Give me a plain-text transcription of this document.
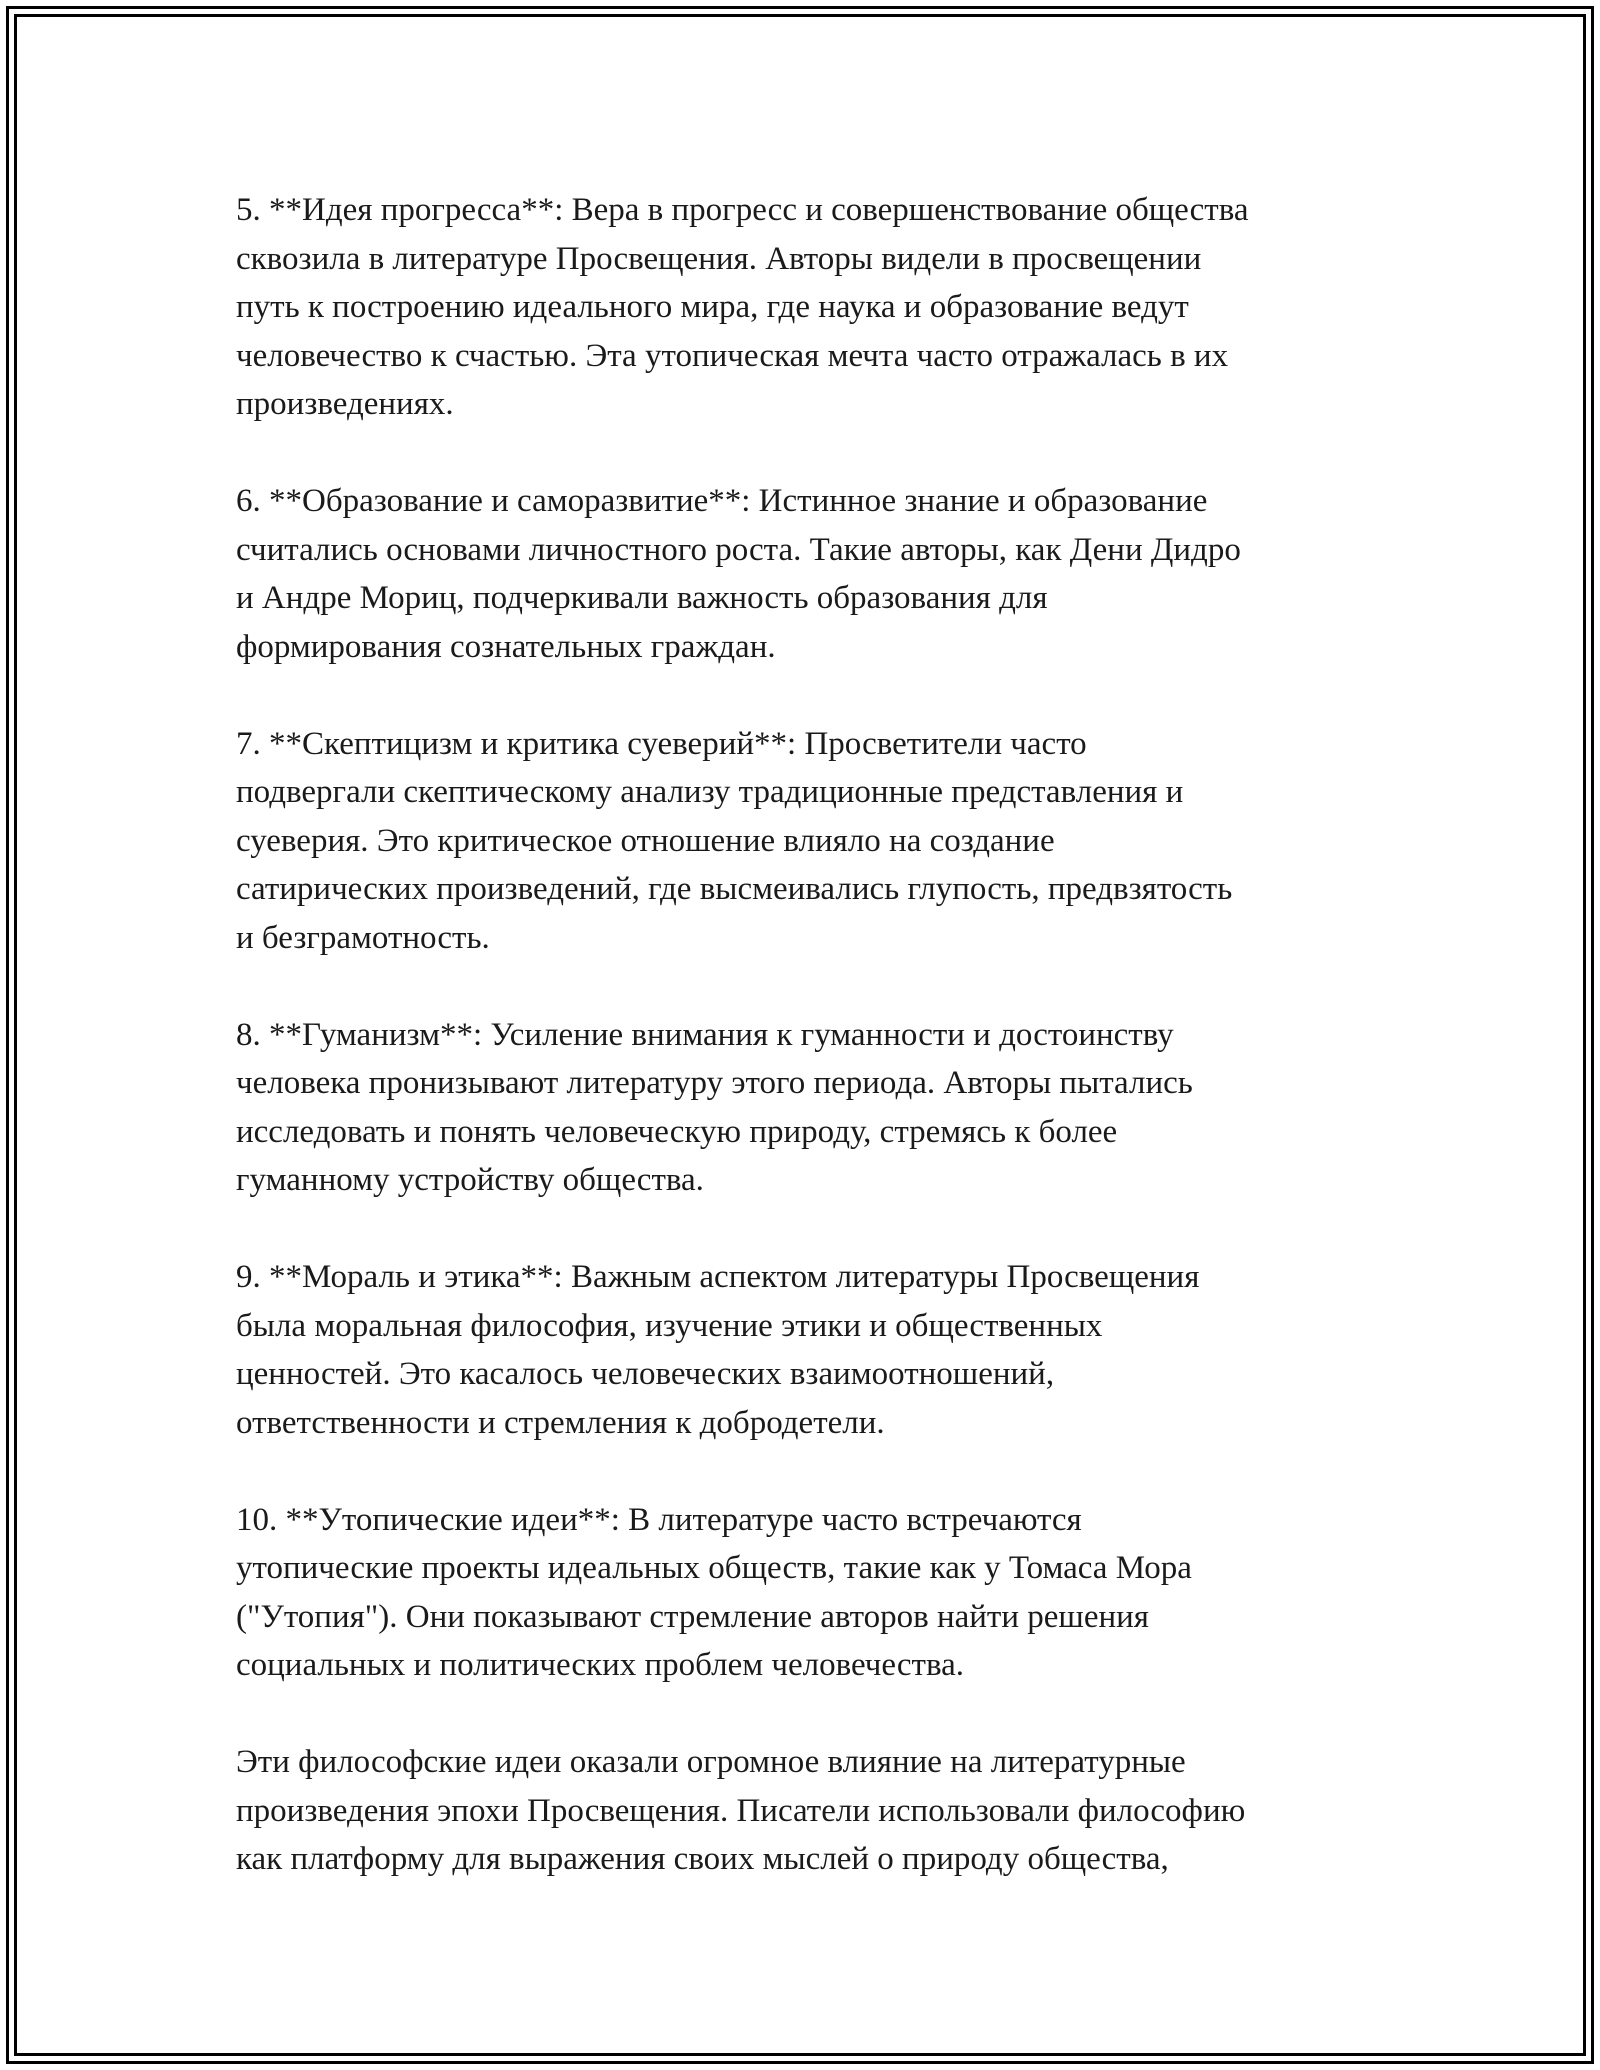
5. **Идея прогресса**: Вера в прогресс и совершенствование общества
сквозила в литературе Просвещения. Авторы видели в просвещении
путь к построению идеального мира, где наука и образование ведут
человечество к счастью. Эта утопическая мечта часто отражалась в их
произведениях.

6. **Образование и саморазвитие**: Истинное знание и образование
считались основами личностного роста. Такие авторы, как Дени Дидро
и Андре Мориц, подчеркивали важность образования для
формирования сознательных граждан.

7. **Скептицизм и критика суеверий**: Просветители часто
подвергали скептическому анализу традиционные представления и
суеверия. Это критическое отношение влияло на создание
сатирических произведений, где высмеивались глупость, предвзятость
и безграмотность.

8. **Гуманизм**: Усиление внимания к гуманности и достоинству
человека пронизывают литературу этого периода. Авторы пытались
исследовать и понять человеческую природу, стремясь к более
гуманному устройству общества.

9. **Мораль и этика**: Важным аспектом литературы Просвещения
была моральная философия, изучение этики и общественных
ценностей. Это касалось человеческих взаимоотношений,
ответственности и стремления к добродетели.

10. **Утопические идеи**: В литературе часто встречаются
утопические проекты идеальных обществ, такие как у Томаса Мора
("Утопия"). Они показывают стремление авторов найти решения
социальных и политических проблем человечества.

Эти философские идеи оказали огромное влияние на литературные
произведения эпохи Просвещения. Писатели использовали философию
как платформу для выражения своих мыслей о природу общества,
